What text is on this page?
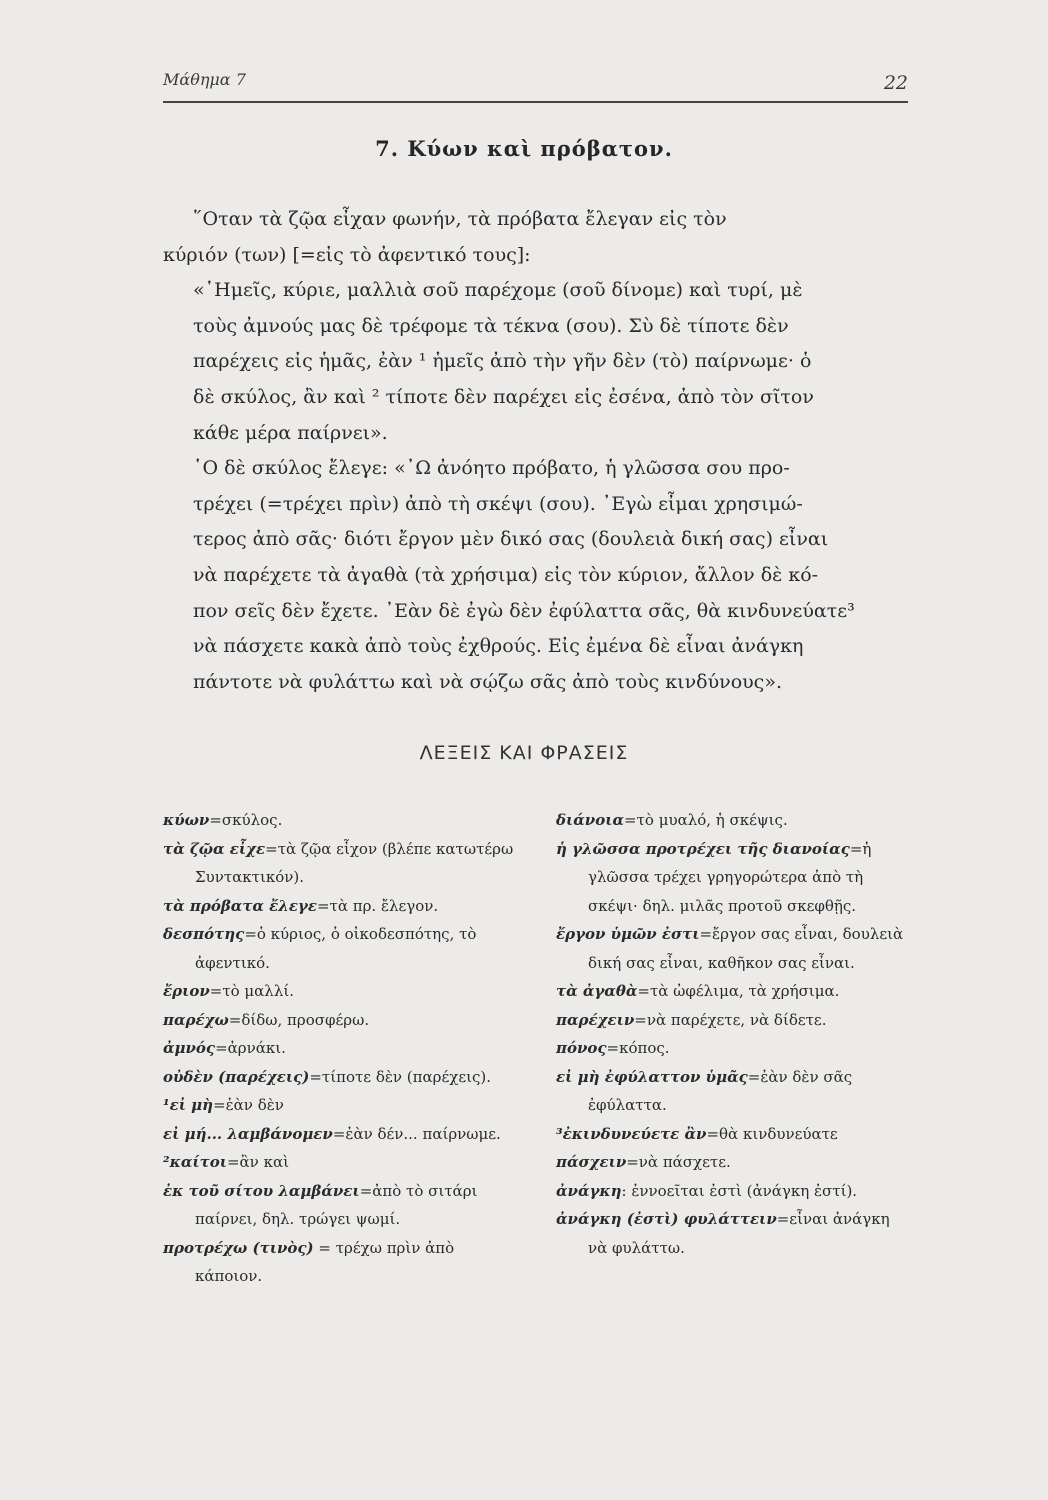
Μάθημα 7	22
7. Κύων καὶ πρόβατον.

῞Οταν τὰ ζῷα εἶχαν φωνήν, τὰ πρόβατα ἔλεγαν εἰς τὸν
κύριόν (των) [=εἰς τὸ ἀφεντικό τους]:

«῾Ημεῖς, κύριε, μαλλιὰ σοῦ παρέχομε (σοῦ δίνομε) καὶ τυρί, μὲ
τοὺς ἀμνούς μας δὲ τρέφομε τὰ τέκνα (σου). Σὺ δὲ τίποτε δὲν
παρέχεις εἰς ἡμᾶς, ἐὰν ¹ ἡμεῖς ἀπὸ τὴν γῆν δὲν (τὸ) παίρνωμε· ὁ
δὲ σκύλος, ἂν καὶ ² τίποτε δὲν παρέχει εἰς ἐσένα, ἀπὸ τὸν σῖτον
κάθε μέρα παίρνει».

῾Ο δὲ σκύλος ἔλεγε: «᾽Ω ἀνόητο πρόβατο, ἡ γλῶσσα σου προ-
τρέχει (=τρέχει πρὶν) ἀπὸ τὴ σκέψι (σου). ᾽Εγὼ εἶμαι χρησιμώ-
τερος ἀπὸ σᾶς· διότι ἔργον μὲν δικό σας (δουλειὰ δική σας) εἶναι
νὰ παρέχετε τὰ ἀγαθὰ (τὰ χρήσιμα) εἰς τὸν κύριον, ἄλλον δὲ κό-
πον σεῖς δὲν ἔχετε. ᾽Εὰν δὲ ἐγὼ δὲν ἐφύλαττα σᾶς, θὰ κινδυνεύατε³
νὰ πάσχετε κακὰ ἀπὸ τοὺς ἐχθρούς. Εἰς ἐμένα δὲ εἶναι ἀνάγκη
πάντοτε νὰ φυλάττω καὶ νὰ σῴζω σᾶς ἀπὸ τοὺς κινδύνους».

ΛΕΞΕΙΣ ΚΑΙ ΦΡΑΣΕΙΣ

κύων=σκύλος.

τὰ ζῷα εἶχε=τὰ ζῷα εἶχον (βλέπε κατωτέρω Συντακτικόν).

τὰ πρόβατα ἔλεγε=τὰ πρ. ἔλεγον.

δεσπότης=ὁ κύριος, ὁ οἰκοδεσπότης, τὸ ἀφεντικό.

ἔριον=τὸ μαλλί.

παρέχω=δίδω, προσφέρω.

ἀμνός=ἀρνάκι.

οὐδὲν (παρέχεις)=τίποτε δὲν (παρέχεις).

¹εἰ μὴ=ἐὰν δὲν

εἰ μή... λαμβάνομεν=ἐὰν δέν... παίρνωμε.

²καίτοι=ἂν καὶ

ἐκ τοῦ σίτου λαμβάνει=ἀπὸ τὸ σιτάρι παίρνει, δηλ. τρώγει ψωμί.

προτρέχω (τινὸς) = τρέχω πρὶν ἀπὸ κάποιον.

διάνοια=τὸ μυαλό, ἡ σκέψις.

ἡ γλῶσσα προτρέχει τῆς διανοίας=ἡ γλῶσσα τρέχει γρηγορώτερα ἀπὸ τὴ σκέψι· δηλ. μιλᾶς προτοῦ σκεφθῇς.

ἔργον ὑμῶν ἐστι=ἔργον σας εἶναι, δουλειὰ δική σας εἶναι, καθῆκον σας εἶναι.

τὰ ἀγαθὰ=τὰ ὠφέλιμα, τὰ χρήσιμα.

παρέχειν=νὰ παρέχετε, νὰ δίδετε.

πόνος=κόπος.

εἰ μὴ ἐφύλαττον ὑμᾶς=ἐὰν δὲν σᾶς ἐφύλαττα.

³ἐκινδυνεύετε ἂν=θὰ κινδυνεύατε

πάσχειν=νὰ πάσχετε.

ἀνάγκη: ἐννοεῖται ἐστὶ (ἀνάγκη ἐστί).

ἀνάγκη (ἐστὶ) φυλάττειν=εἶναι ἀνάγκη νὰ φυλάττω.
